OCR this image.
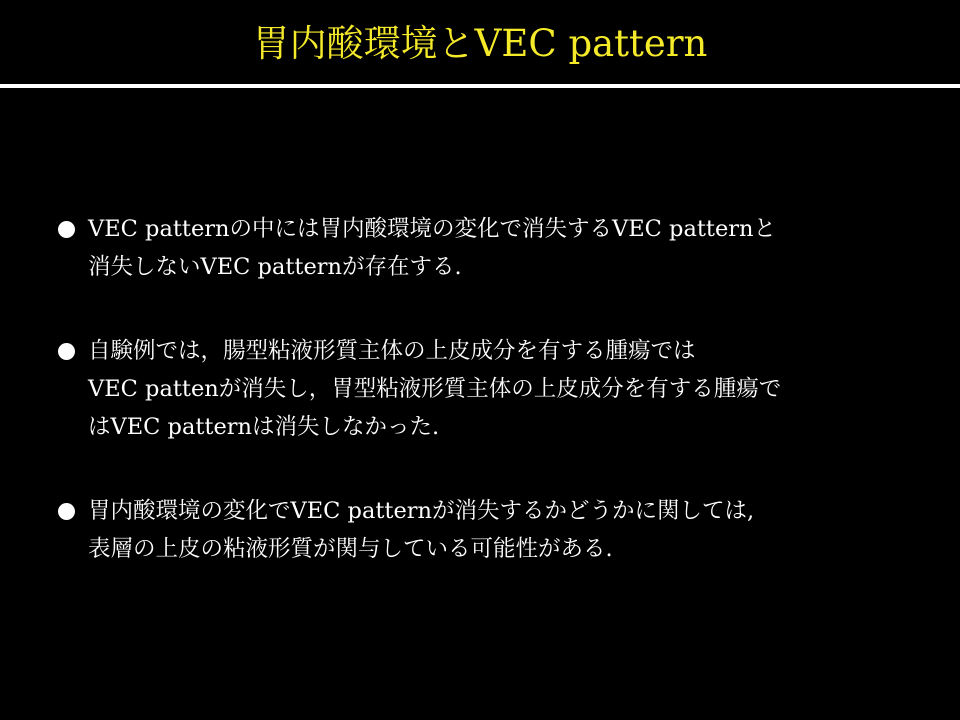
胃内酸環境とVEC pattern
VEC patternの中には胃内酸環境の変化で消失するVEC patternと
消失しないVEC patternが存在する.
自験例では，腸型粘液形質主体の上皮成分を有する腫瘍では
VEC pattenが消失し，胃型粘液形質主体の上皮成分を有する腫瘍で
はVEC patternは消失しなかった.
胃内酸環境の変化でVEC patternが消失するかどうかに関しては,
表層の上皮の粘液形質が関与している可能性がある.
